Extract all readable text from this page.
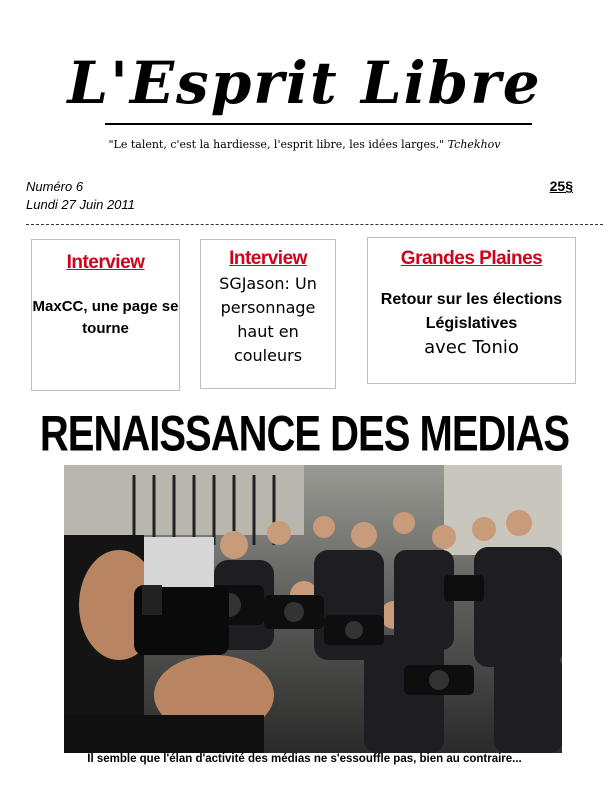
L'Esprit Libre
"Le talent, c'est la hardiesse, l'esprit libre, les idées larges." Tchekhov
Numéro 6
Lundi 27 Juin 2011
25§
Interview
MaxCC, une page se tourne
Interview
SGJason: Un personnage haut en couleurs
Grandes Plaines
Retour sur les élections Législatives
avec Tonio
RENAISSANCE DES MEDIAS
Il semble que l'élan d'activité des médias ne s'essouffle pas, bien au contraire...
